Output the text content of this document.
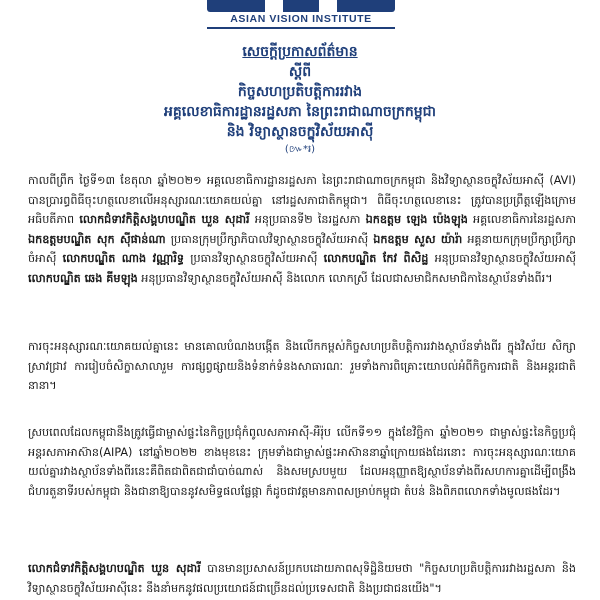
ASIAN VISION INSTITUTE
សេចក្តីប្រកាសព័ត៌មាន
ស្តីពី
កិច្ចសហប្រតិបត្តិការរវាង
អគ្គលេខាធិការដ្ឋានរដ្ឋសភា នៃព្រះរាជាណាចក្រកម្ពុជា
និង វិទ្យាស្ថានចក្ខុវិស័យអាស៊ី
(៚*៛)

កាលពីព្រឹក ថ្ងៃទី១៣ ខែតុលា ឆ្នាំ២០២១ អគ្គលេខាធិការដ្ឋានរដ្ឋសភា នៃព្រះរាជាណាចក្រកម្ពុជា និងវិទ្យាស្ថានចក្ខុវិស័យអាស៊ី (AVI) បានប្រារព្ធពិធីចុះហត្ថលេខាលើអនុស្សារណៈយោគយល់គ្នា នៅរដ្ឋសភាជាតិកម្ពុជា។ ពិធីចុះហត្ថលេខានេះ ត្រូវបានប្រព្រឹត្តឡើងក្រោមអធិបតីភាព លោកជំទាវកិត្តិសង្គហបណ្ឌិត ឃួន សុដារី អនុប្រធានទី២ នៃរដ្ឋសភា ឯកឧត្តម ឡេង ប៉េងឡុង អគ្គលេខាធិការនៃរដ្ឋសភា ឯកឧត្តមបណ្ឌិត សុក ស៊ីផាន់ណា ប្រធានក្រុមប្រឹក្សាភិបាលវិទ្យាស្ថានចក្ខុវិស័យអាស៊ី ឯកឧត្តម សួស យ៉ារ៉ា អគ្គនាយកក្រុមប្រឹក្សាប្រឹក្សាចំអាស៊ី លោកបណ្ឌិត ណាង វណ្ណារិទ្ធ ប្រធានវិទ្យាស្ថានចក្ខុវិស័យអាស៊ី លោកបណ្ឌិត កែវ ពិសិដ្ឋ អនុប្រធានវិទ្យាស្ថានចក្ខុវិស័យអាស៊ី លោកបណ្ឌិត ឆេង គីមឡុង អនុប្រធានវិទ្យាស្ថានចក្ខុវិស័យអាស៊ី និងលោក លោកស្រី ដែលជាសមាជិកសមាជិកានៃស្ថាប័នទាំងពីរ។

ការចុះអនុស្សារណៈយោគយល់គ្នានេះ មានគោលបំណងបង្កើត និងលើកកម្ពស់កិច្ចសហប្រតិបត្តិការរវាងស្ថាប័នទាំងពីរ ក្នុងវិស័យ សិក្សា ស្រាវជ្រាវ ការរៀបចំសិក្ខាសាលារួម ការផ្សព្វផ្សាយនិងទំនាក់ទំនងសាធារណៈ រួមទាំងការពិគ្រោះយោបល់អំពីកិច្ចការជាតិ និងអន្តរជាតិនានា។

ស្របពេលដែលកម្ពុជានឹងត្រូវធ្វើជាម្ចាស់ផ្ទះនៃកិច្ចប្រជុំកំពូលសភាអាស៊ី-អឺរ៉ុប លើកទី១១ ក្នុងខែវិច្ឆិកា ឆ្នាំ២០២១ ជាម្ចាស់ផ្ទះនៃកិច្ចប្រជុំអន្តរសភាអាស៊ាន(AIPA) នៅឆ្នាំ២០២២ ខាងមុខនេះ ក្រុមទាំងជាម្ចាស់ផ្ទះអាស៊ាននាឆ្នាំក្រោយផងដែរនោះ ការចុះអនុស្សារណៈយោគយល់គ្នារវាងស្ថាប័នទាំងពីរនេះគឺពិតជាពិតជាជាំបាច់ណាស់ និងសមស្របមួយ ដែលអនុញ្ញាតឱ្យស្ថាប័នទាំងពីរសហការគ្នាដើម្បីពង្រឹងជំហរតួនាទីរបស់កម្ពុជា និងជានាឱ្យបាននូវសមិទ្ធផលផ្លែផ្កា ក៏ដូចជាវត្តមានភាពសម្រាប់កម្ពុជា តំបន់ និងពិភពលោកទាំងមូលផងដែរ។

លោកជំទាវកិត្តិសង្គហបណ្ឌិត ឃួន សុដារី បានមានប្រសាសន៍ប្រកបដោយភាពសុទិដ្ឋិនិយមថា "កិច្ចសហប្រតិបត្តិការរវាងរដ្ឋសភា និងវិទ្យាស្ថានចក្ខុវិស័យអាស៊ីនេះ នឹងនាំមកនូវផលប្រយោជន៍ជាច្រើនដល់ប្រទេសជាតិ និងប្រជាជនយើង"។
